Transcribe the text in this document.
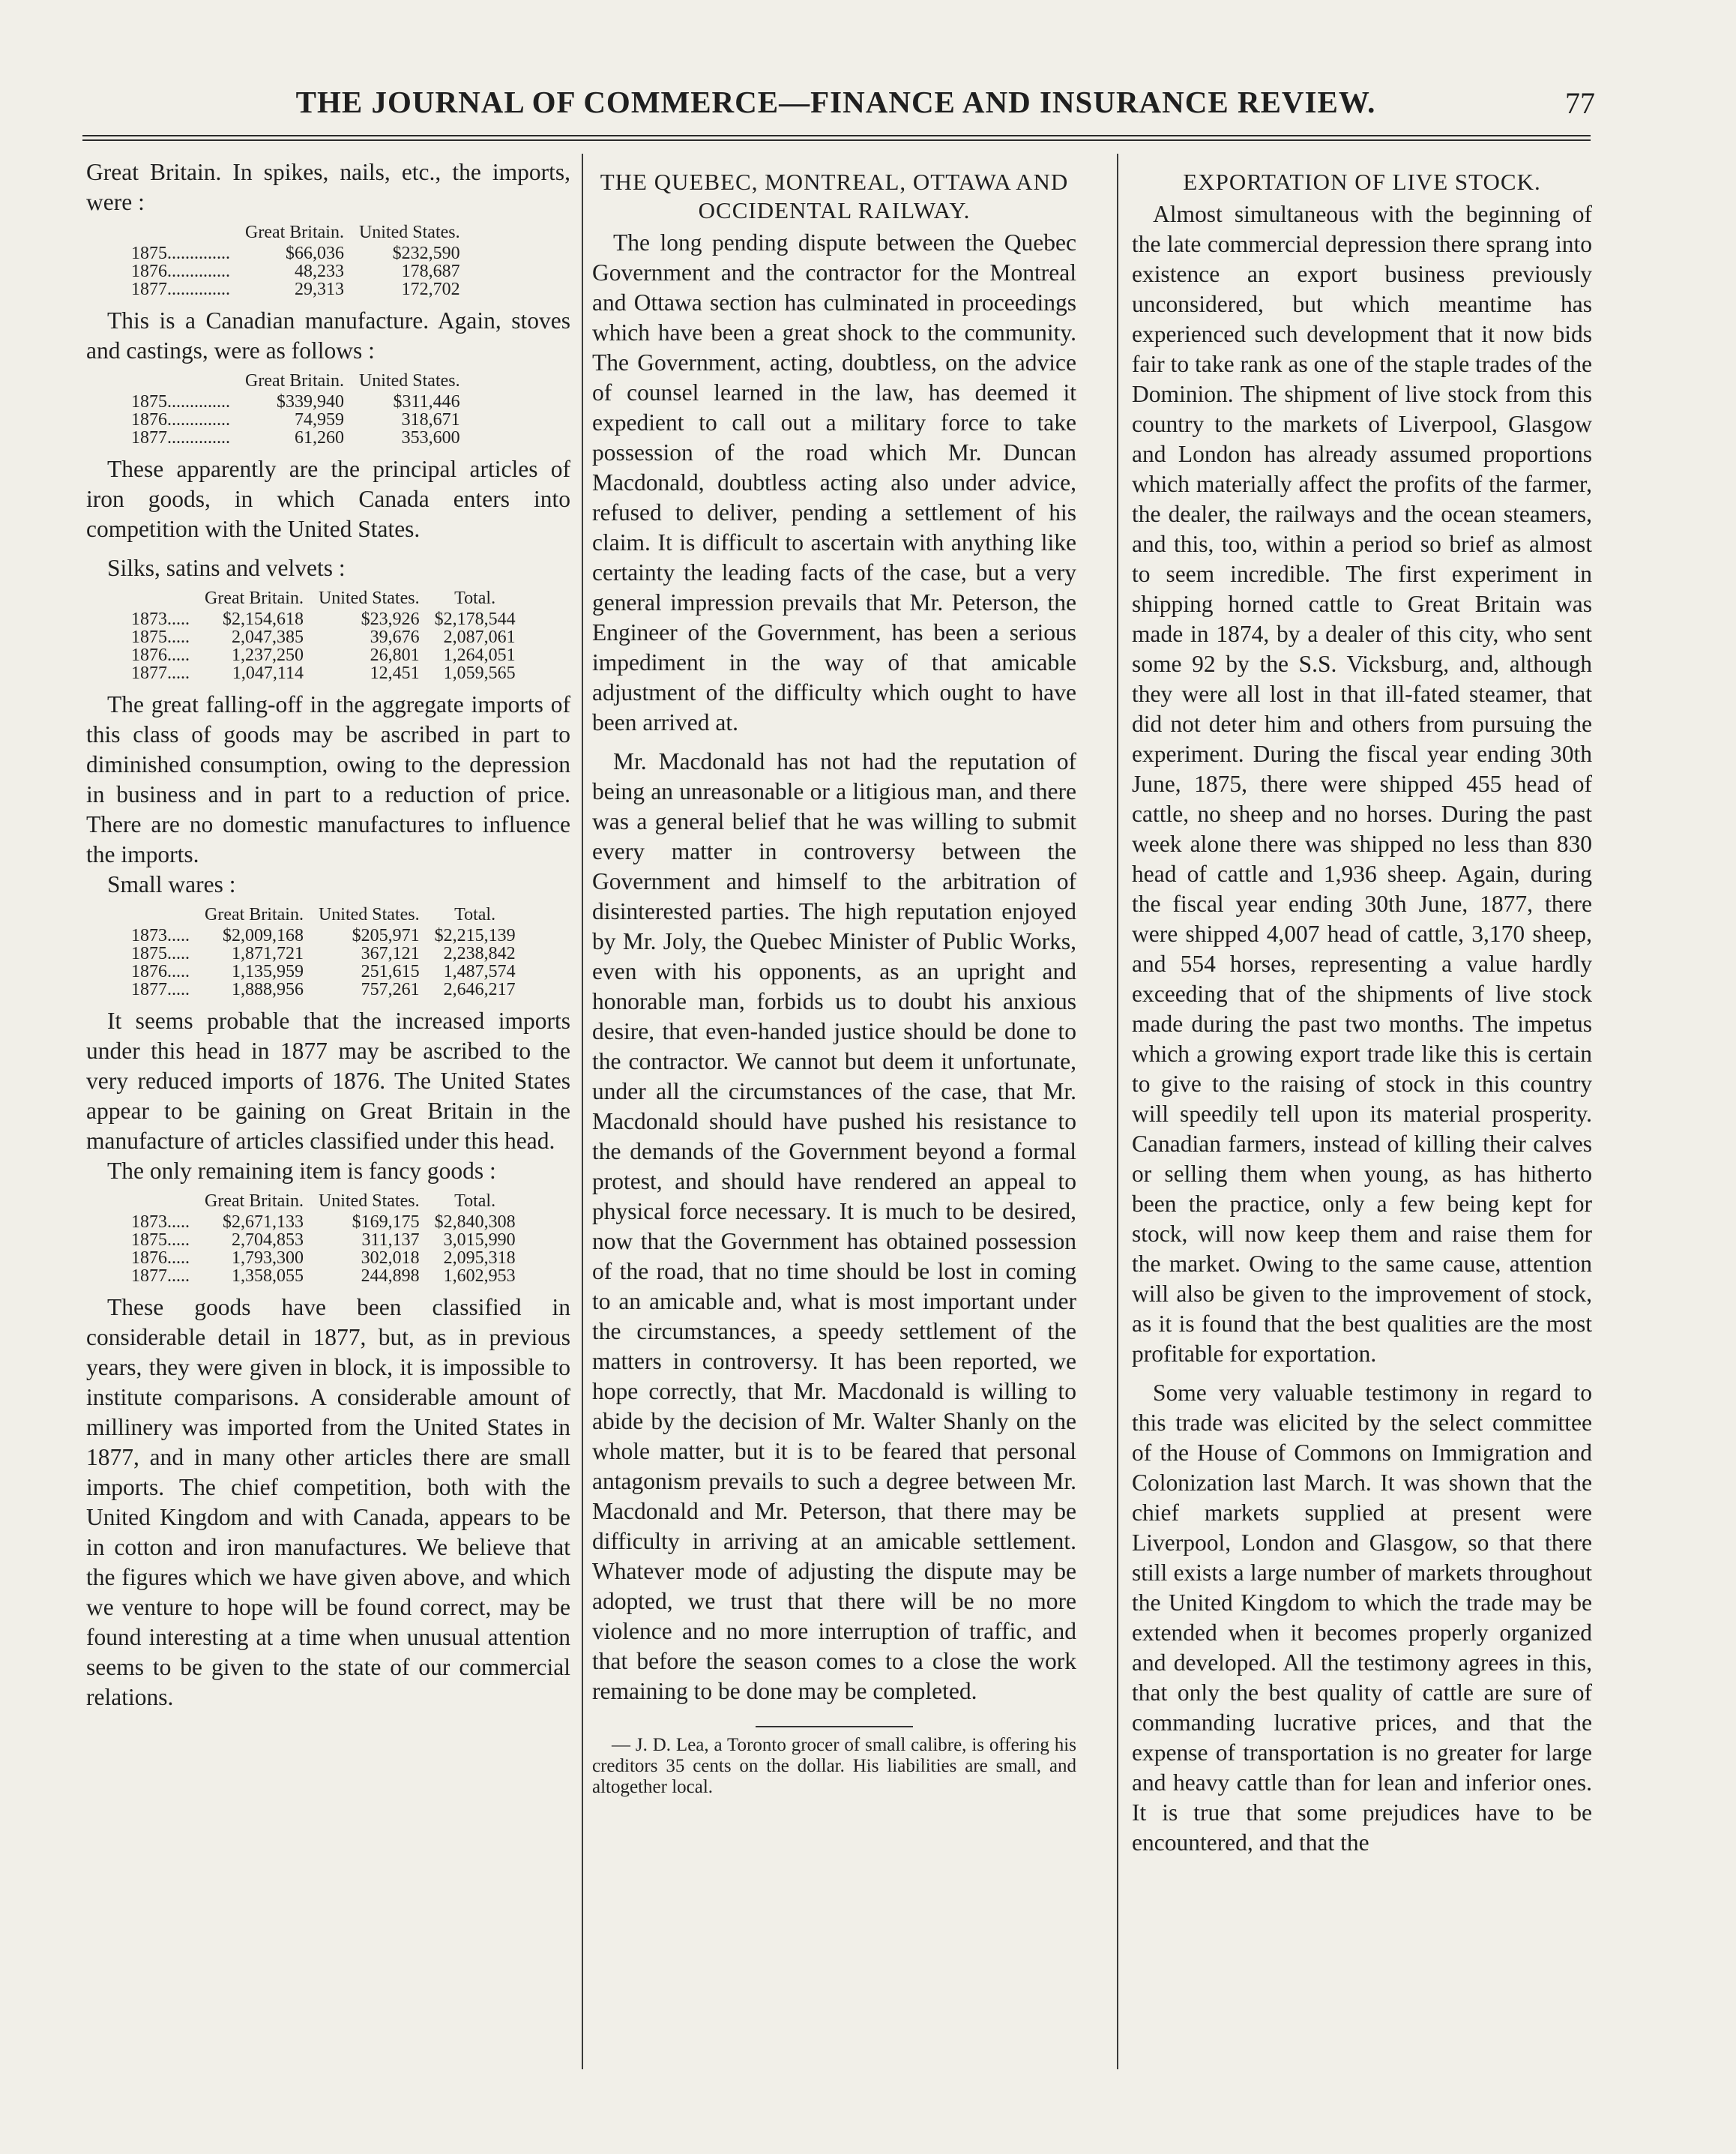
THE JOURNAL OF COMMERCE—FINANCE AND INSURANCE REVIEW.	77

Great Britain. In spikes, nails, etc., the imports, were :

	Great Britain.	United States.
1875..............	$66,036	$232,590
1876..............	48,233	178,687
1877..............	29,313	172,702

This is a Canadian manufacture. Again, stoves and castings, were as follows :

	Great Britain.	United States.
1875..............	$339,940	$311,446
1876..............	74,959	318,671
1877..............	61,260	353,600

These apparently are the principal articles of iron goods, in which Canada enters into competition with the United States.

Silks, satins and velvets :

	Great Britain.	United States.	Total.
1873.....	$2,154,618	$23,926	$2,178,544
1875.....	2,047,385	39,676	2,087,061
1876.....	1,237,250	26,801	1,264,051
1877.....	1,047,114	12,451	1,059,565

The great falling-off in the aggregate imports of this class of goods may be ascribed in part to diminished consumption, owing to the depression in business and in part to a reduction of price. There are no domestic manufactures to influence the imports.

Small wares :

	Great Britain.	United States.	Total.
1873.....	$2,009,168	$205,971	$2,215,139
1875.....	1,871,721	367,121	2,238,842
1876.....	1,135,959	251,615	1,487,574
1877.....	1,888,956	757,261	2,646,217

It seems probable that the increased imports under this head in 1877 may be ascribed to the very reduced imports of 1876. The United States appear to be gaining on Great Britain in the manufacture of articles classified under this head.

The only remaining item is fancy goods :

	Great Britain.	United States.	Total.
1873.....	$2,671,133	$169,175	$2,840,308
1875.....	2,704,853	311,137	3,015,990
1876.....	1,793,300	302,018	2,095,318
1877.....	1,358,055	244,898	1,602,953

These goods have been classified in considerable detail in 1877, but, as in previous years, they were given in block, it is impossible to institute comparisons. A considerable amount of millinery was imported from the United States in 1877, and in many other articles there are small imports. The chief competition, both with the United Kingdom and with Canada, appears to be in cotton and iron manufactures. We believe that the figures which we have given above, and which we venture to hope will be found correct, may be found interesting at a time when unusual attention seems to be given to the state of our commercial relations.

THE QUEBEC, MONTREAL, OTTAWA AND OCCIDENTAL RAILWAY.

The long pending dispute between the Quebec Government and the contractor for the Montreal and Ottawa section has culminated in proceedings which have been a great shock to the community. The Government, acting, doubtless, on the advice of counsel learned in the law, has deemed it expedient to call out a military force to take possession of the road which Mr. Duncan Macdonald, doubtless acting also under advice, refused to deliver, pending a settlement of his claim. It is difficult to ascertain with anything like certainty the leading facts of the case, but a very general impression prevails that Mr. Peterson, the Engineer of the Government, has been a serious impediment in the way of that amicable adjustment of the difficulty which ought to have been arrived at.

Mr. Macdonald has not had the reputation of being an unreasonable or a litigious man, and there was a general belief that he was willing to submit every matter in controversy between the Government and himself to the arbitration of disinterested parties. The high reputation enjoyed by Mr. Joly, the Quebec Minister of Public Works, even with his opponents, as an upright and honorable man, forbids us to doubt his anxious desire, that even-handed justice should be done to the contractor. We cannot but deem it unfortunate, under all the circumstances of the case, that Mr. Macdonald should have pushed his resistance to the demands of the Government beyond a formal protest, and should have rendered an appeal to physical force necessary. It is much to be desired, now that the Government has obtained possession of the road, that no time should be lost in coming to an amicable and, what is most important under the circumstances, a speedy settlement of the matters in controversy. It has been reported, we hope correctly, that Mr. Macdonald is willing to abide by the decision of Mr. Walter Shanly on the whole matter, but it is to be feared that personal antagonism prevails to such a degree between Mr. Macdonald and Mr. Peterson, that there may be difficulty in arriving at an amicable settlement. Whatever mode of adjusting the dispute may be adopted, we trust that there will be no more violence and no more interruption of traffic, and that before the season comes to a close the work remaining to be done may be completed.

— J. D. Lea, a Toronto grocer of small calibre, is offering his creditors 35 cents on the dollar. His liabilities are small, and altogether local.
EXPORTATION OF LIVE STOCK.

Almost simultaneous with the beginning of the late commercial depression there sprang into existence an export business previously unconsidered, but which meantime has experienced such development that it now bids fair to take rank as one of the staple trades of the Dominion. The shipment of live stock from this country to the markets of Liverpool, Glasgow and London has already assumed proportions which materially affect the profits of the farmer, the dealer, the railways and the ocean steamers, and this, too, within a period so brief as almost to seem incredible. The first experiment in shipping horned cattle to Great Britain was made in 1874, by a dealer of this city, who sent some 92 by the S.S. Vicksburg, and, although they were all lost in that ill-fated steamer, that did not deter him and others from pursuing the experiment. During the fiscal year ending 30th June, 1875, there were shipped 455 head of cattle, no sheep and no horses. During the past week alone there was shipped no less than 830 head of cattle and 1,936 sheep. Again, during the fiscal year ending 30th June, 1877, there were shipped 4,007 head of cattle, 3,170 sheep, and 554 horses, representing a value hardly exceeding that of the shipments of live stock made during the past two months. The impetus which a growing export trade like this is certain to give to the raising of stock in this country will speedily tell upon its material prosperity. Canadian farmers, instead of killing their calves or selling them when young, as has hitherto been the practice, only a few being kept for stock, will now keep them and raise them for the market. Owing to the same cause, attention will also be given to the improvement of stock, as it is found that the best qualities are the most profitable for exportation.

Some very valuable testimony in regard to this trade was elicited by the select committee of the House of Commons on Immigration and Colonization last March. It was shown that the chief markets supplied at present were Liverpool, London and Glasgow, so that there still exists a large number of markets throughout the United Kingdom to which the trade may be extended when it becomes properly organized and developed. All the testimony agrees in this, that only the best quality of cattle are sure of commanding lucrative prices, and that the expense of transportation is no greater for large and heavy cattle than for lean and inferior ones. It is true that some prejudices have to be encountered, and that the
